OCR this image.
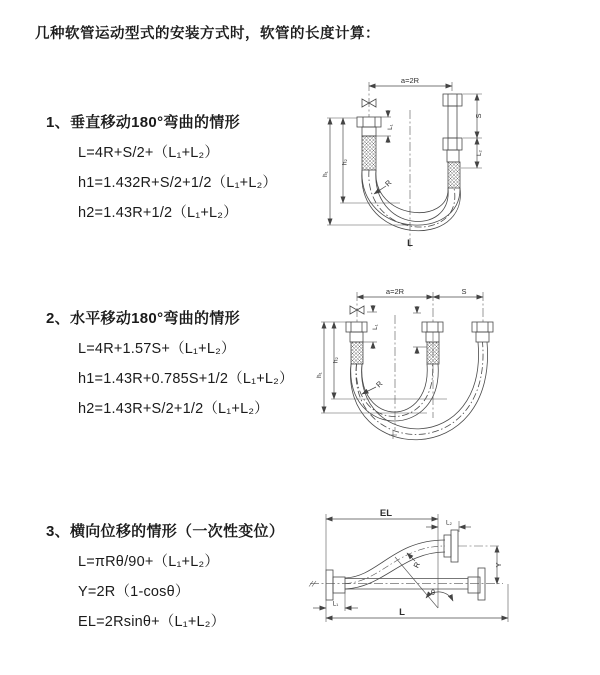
几种软管运动型式的安装方式时，软管的长度计算：
1、垂直移动180°弯曲的情形
L=4R+S/2+（L₁+L₂）
h1=1.432R+S/2+1/2（L₁+L₂）
h2=1.43R+1/2（L₁+L₂）
2、水平移动180°弯曲的情形
L=4R+1.57S+（L₁+L₂）
h1=1.43R+0.785S+1/2（L₁+L₂）
h2=1.43R+S/2+1/2（L₁+L₂）
3、横向位移的情形（一次性变位）
L=πRθ/90+（L₁+L₂）
Y=2R（1-cosθ）
EL=2Rsinθ+（L₁+L₂）
a=2R
S
L₂
L₁
h₂
h₁
R
L
a=2R	S
L₁
h₂
h₁
R
EL
L₂
Y
θ
R
L₁
L
